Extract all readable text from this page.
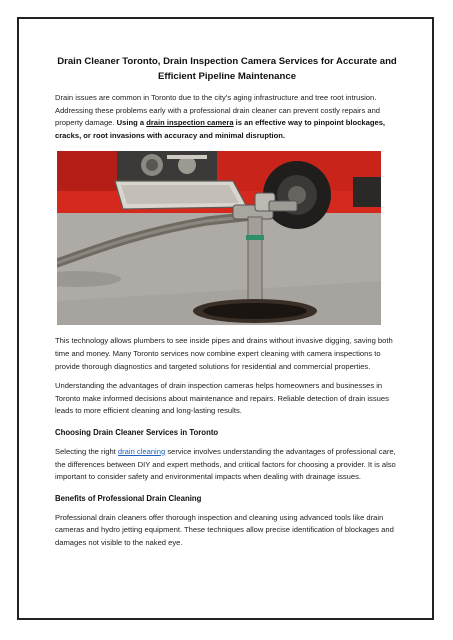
Drain Cleaner Toronto, Drain Inspection Camera Services for Accurate and Efficient Pipeline Maintenance

Drain issues are common in Toronto due to the city’s aging infrastructure and tree root intrusion. Addressing these problems early with a professional drain cleaner can prevent costly repairs and property damage. Using a drain inspection camera is an effective way to pinpoint blockages, cracks, or root invasions with accuracy and minimal disruption.

This technology allows plumbers to see inside pipes and drains without invasive digging, saving both time and money. Many Toronto services now combine expert cleaning with camera inspections to provide thorough diagnostics and targeted solutions for residential and commercial properties.

Understanding the advantages of drain inspection cameras helps homeowners and businesses in Toronto make informed decisions about maintenance and repairs. Reliable detection of drain issues leads to more efficient cleaning and long-lasting results.

Choosing Drain Cleaner Services in Toronto

Selecting the right drain cleaning service involves understanding the advantages of professional care, the differences between DIY and expert methods, and critical factors for choosing a provider. It is also important to consider safety and environmental impacts when dealing with drainage issues.

Benefits of Professional Drain Cleaning

Professional drain cleaners offer thorough inspection and cleaning using advanced tools like drain cameras and hydro jetting equipment. These techniques allow precise identification of blockages and damages not visible to the naked eye.
